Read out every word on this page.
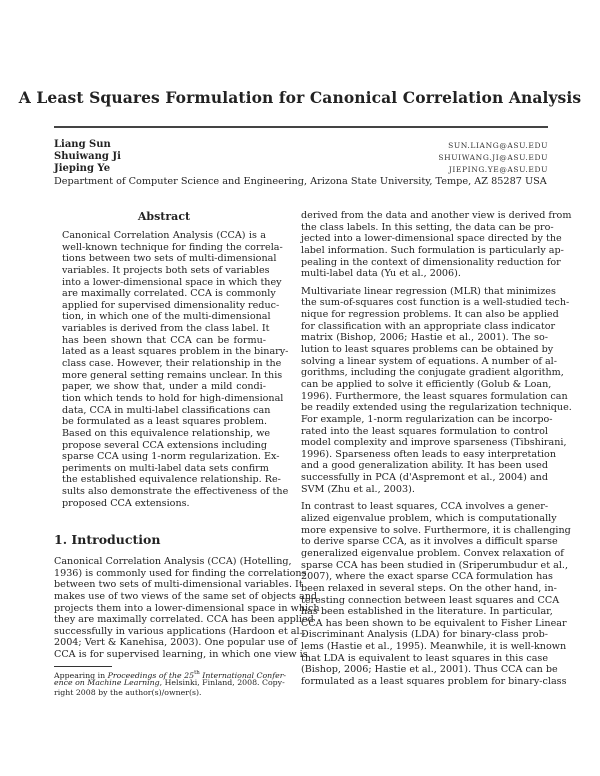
A Least Squares Formulation for Canonical Correlation Analysis
Liang Sun	SUN.LIANG@ASU.EDU
Shuiwang Ji	SHUIWANG.JI@ASU.EDU
Jieping Ye	JIEPING.YE@ASU.EDU
Department of Computer Science and Engineering, Arizona State University, Tempe, AZ 85287 USA
Abstract
Canonical Correlation Analysis (CCA) is a
well-known technique for finding the correla-
tions between two sets of multi-dimensional
variables. It projects both sets of variables
into a lower-dimensional space in which they
are maximally correlated. CCA is commonly
applied for supervised dimensionality reduc-
tion, in which one of the multi-dimensional
variables is derived from the class label. It
has been shown that CCA can be formu-
lated as a least squares problem in the binary-
class case. However, their relationship in the
more general setting remains unclear. In this
paper, we show that, under a mild condi-
tion which tends to hold for high-dimensional
data, CCA in multi-label classifications can
be formulated as a least squares problem.
Based on this equivalence relationship, we
propose several CCA extensions including
sparse CCA using 1-norm regularization. Ex-
periments on multi-label data sets confirm
the established equivalence relationship. Re-
sults also demonstrate the effectiveness of the
proposed CCA extensions.
1. Introduction
Canonical Correlation Analysis (CCA) (Hotelling,
1936) is commonly used for finding the correlations
between two sets of multi-dimensional variables. It
makes use of two views of the same set of objects and
projects them into a lower-dimensional space in which
they are maximally correlated. CCA has been applied
successfully in various applications (Hardoon et al.,
2004; Vert & Kanehisa, 2003). One popular use of
CCA is for supervised learning, in which one view is
Appearing in Proceedings of the 25th International Confer-
ence on Machine Learning, Helsinki, Finland, 2008. Copy-
right 2008 by the author(s)/owner(s).
derived from the data and another view is derived from
the class labels. In this setting, the data can be pro-
jected into a lower-dimensional space directed by the
label information. Such formulation is particularly ap-
pealing in the context of dimensionality reduction for
multi-label data (Yu et al., 2006).
Multivariate linear regression (MLR) that minimizes
the sum-of-squares cost function is a well-studied tech-
nique for regression problems. It can also be applied
for classification with an appropriate class indicator
matrix (Bishop, 2006; Hastie et al., 2001). The so-
lution to least squares problems can be obtained by
solving a linear system of equations. A number of al-
gorithms, including the conjugate gradient algorithm,
can be applied to solve it efficiently (Golub & Loan,
1996). Furthermore, the least squares formulation can
be readily extended using the regularization technique.
For example, 1-norm regularization can be incorpo-
rated into the least squares formulation to control
model complexity and improve sparseness (Tibshirani,
1996). Sparseness often leads to easy interpretation
and a good generalization ability. It has been used
successfully in PCA (d'Aspremont et al., 2004) and
SVM (Zhu et al., 2003).
In contrast to least squares, CCA involves a gener-
alized eigenvalue problem, which is computationally
more expensive to solve. Furthermore, it is challenging
to derive sparse CCA, as it involves a difficult sparse
generalized eigenvalue problem. Convex relaxation of
sparse CCA has been studied in (Sriperumbudur et al.,
2007), where the exact sparse CCA formulation has
been relaxed in several steps. On the other hand, in-
teresting connection between least squares and CCA
has been established in the literature. In particular,
CCA has been shown to be equivalent to Fisher Linear
Discriminant Analysis (LDA) for binary-class prob-
lems (Hastie et al., 1995). Meanwhile, it is well-known
that LDA is equivalent to least squares in this case
(Bishop, 2006; Hastie et al., 2001). Thus CCA can be
formulated as a least squares problem for binary-class
